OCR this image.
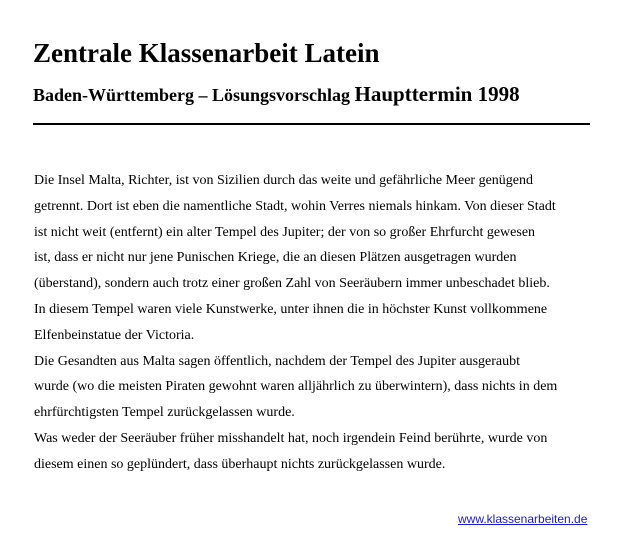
Zentrale Klassenarbeit Latein
Baden-Württemberg – Lösungsvorschlag Haupttermin 1998
Die Insel Malta, Richter, ist von Sizilien durch das weite und gefährliche Meer genügend
getrennt. Dort ist eben die namentliche Stadt, wohin Verres niemals hinkam. Von dieser Stadt
ist nicht weit (entfernt) ein alter Tempel des Jupiter; der von so großer Ehrfurcht gewesen
ist, dass er nicht nur jene Punischen Kriege, die an diesen Plätzen ausgetragen wurden
(überstand), sondern auch trotz einer großen Zahl von Seeräubern immer unbeschadet blieb.
In diesem Tempel waren viele Kunstwerke, unter ihnen die in höchster Kunst vollkommene
Elfenbeinstatue der Victoria.
Die Gesandten aus Malta sagen öffentlich, nachdem der Tempel des Jupiter ausgeraubt
wurde (wo die meisten Piraten gewohnt waren alljährlich zu überwintern), dass nichts in dem
ehrfürchtigsten Tempel zurückgelassen wurde.
Was weder der Seeräuber früher misshandelt hat, noch irgendein Feind berührte, wurde von
diesem einen so geplündert, dass überhaupt nichts zurückgelassen wurde.
www.klassenarbeiten.de
